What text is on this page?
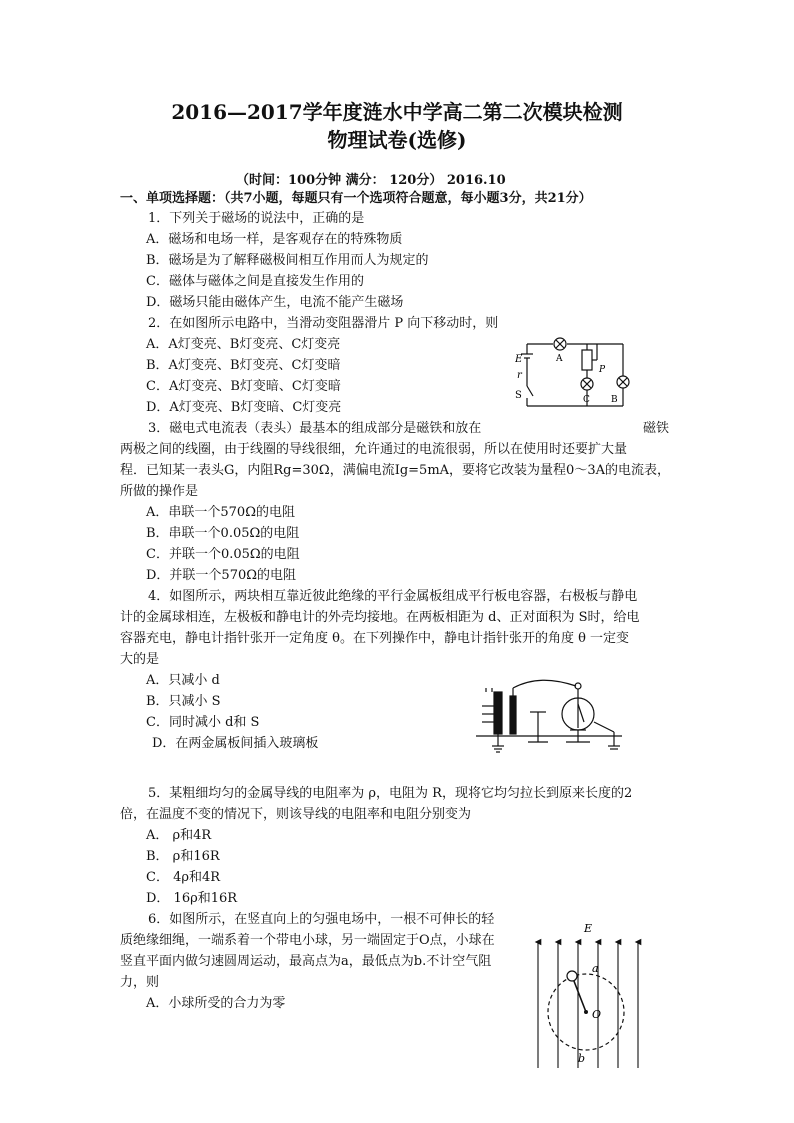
2016—2017学年度涟水中学高二第二次模块检测
物理试卷(选修)
（时间：100分钟 满分： 120分） 2016.10
一、单项选择题：（共7小题，每题只有一个选项符合题意，每小题3分，共21分）
1．下列关于磁场的说法中，正确的是
A．磁场和电场一样，是客观存在的特殊物质
B．磁场是为了解释磁极间相互作用而人为规定的
C．磁体与磁体之间是直接发生作用的
D．磁场只能由磁体产生，电流不能产生磁场
2．在如图所示电路中，当滑动变阻器滑片 P 向下移动时，则
A．A灯变亮、B灯变亮、C灯变亮
B．A灯变亮、B灯变亮、C灯变暗
C．A灯变亮、B灯变暗、C灯变暗
D．A灯变亮、B灯变暗、C灯变亮
E
r
S
A
P
C B
3．磁电式电流表（表头）最基本的组成部分是磁铁和放在	磁铁
两极之间的线圈，由于线圈的导线很细，允许通过的电流很弱，所以在使用时还要扩大量
程．已知某一表头G，内阻Rg=30Ω，满偏电流Ig=5mA，要将它改装为量程0～3A的电流表，
所做的操作是
A．串联一个570Ω的电阻
B．串联一个0.05Ω的电阻
C．并联一个0.05Ω的电阻
D．并联一个570Ω的电阻
4．如图所示，两块相互靠近彼此绝缘的平行金属板组成平行板电容器，右极板与静电
计的金属球相连，左极板和静电计的外壳均接地。在两板相距为 d、正对面积为 S时，给电
容器充电，静电计指针张开一定角度 θ。在下列操作中，静电计指针张开的角度 θ 一定变
大的是
A．只减小 d
B．只减小 S
C．同时减小 d和 S
D．在两金属板间插入玻璃板
5．某粗细均匀的金属导线的电阻率为 ρ，电阻为 R，现将它均匀拉长到原来长度的2
倍，在温度不变的情况下，则该导线的电阻率和电阻分别变为
A． ρ和4R
B． ρ和16R
C． 4ρ和4R
D． 16ρ和16R
6．如图所示，在竖直向上的匀强电场中，一根不可伸长的轻
质绝缘细绳，一端系着一个带电小球，另一端固定于O点，小球在
竖直平面内做匀速圆周运动，最高点为a，最低点为b.不计空气阻
力，则
A．小球所受的合力为零
E
a
O
b
